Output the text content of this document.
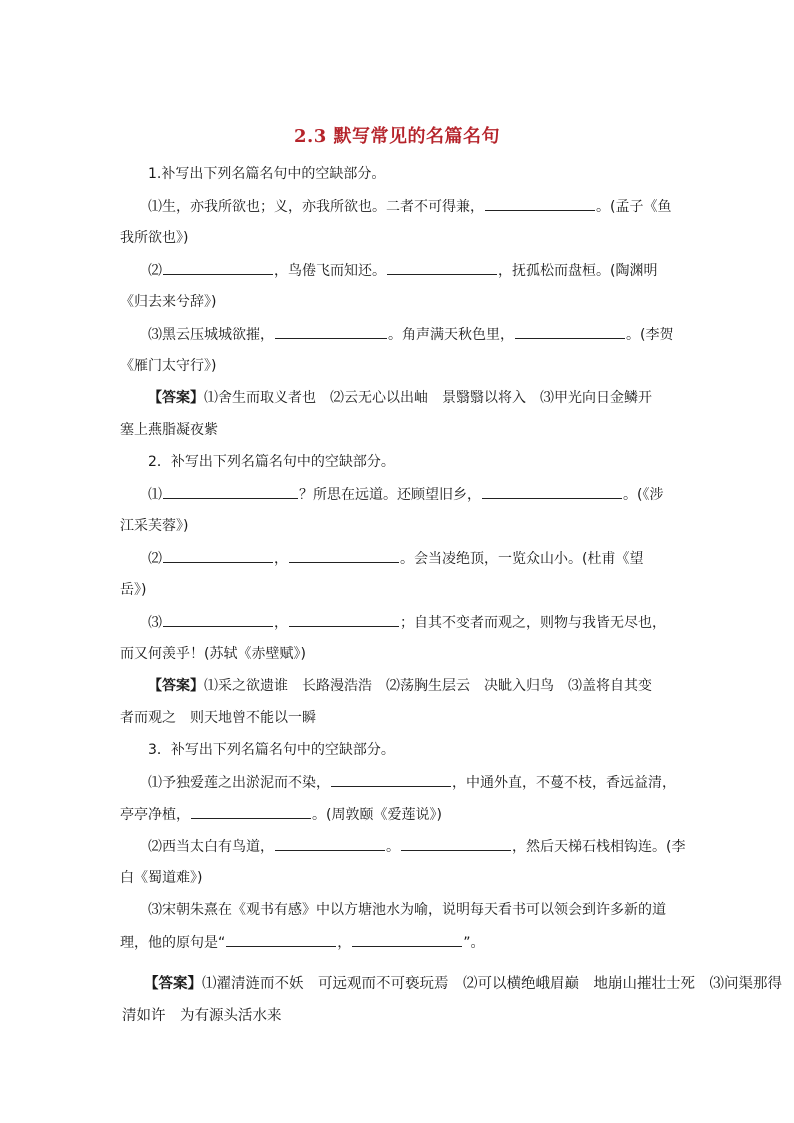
2.3 默写常见的名篇名句
1.补写出下列名篇名句中的空缺部分。
⑴生，亦我所欲也；义，亦我所欲也。二者不可得兼，	。(孟子《鱼
我所欲也》)
⑵	，鸟倦飞而知还。	，抚孤松而盘桓。(陶渊明
《归去来兮辞》)
⑶黑云压城城欲摧，	。角声满天秋色里，	。(李贺
《雁门太守行》)
【答案】⑴舍生而取义者也　⑵云无心以出岫　景翳翳以将入　⑶甲光向日金鳞开
塞上燕脂凝夜紫
2．补写出下列名篇名句中的空缺部分。
⑴	？所思在远道。还顾望旧乡，	。(《涉
江采芙蓉》)
⑵	，	。会当凌绝顶，一览众山小。(杜甫《望
岳》)
⑶	，	；自其不变者而观之，则物与我皆无尽也，
而又何羡乎！(苏轼《赤壁赋》)
【答案】⑴采之欲遗谁　长路漫浩浩　⑵荡胸生层云　决眦入归鸟　⑶盖将自其变
者而观之　则天地曾不能以一瞬
3．补写出下列名篇名句中的空缺部分。
⑴予独爱莲之出淤泥而不染，	，中通外直，不蔓不枝，香远益清，
亭亭净植，	。(周敦颐《爱莲说》)
⑵西当太白有鸟道，	。	，然后天梯石栈相钩连。(李
白《蜀道难》)
⑶宋朝朱熹在《观书有感》中以方塘池水为喻，说明每天看书可以领会到许多新的道
理，他的原句是“	，	”。
【答案】⑴濯清涟而不妖　可远观而不可亵玩焉　⑵可以横绝峨眉巅　地崩山摧壮士死　⑶问渠那得
清如许　为有源头活水来
